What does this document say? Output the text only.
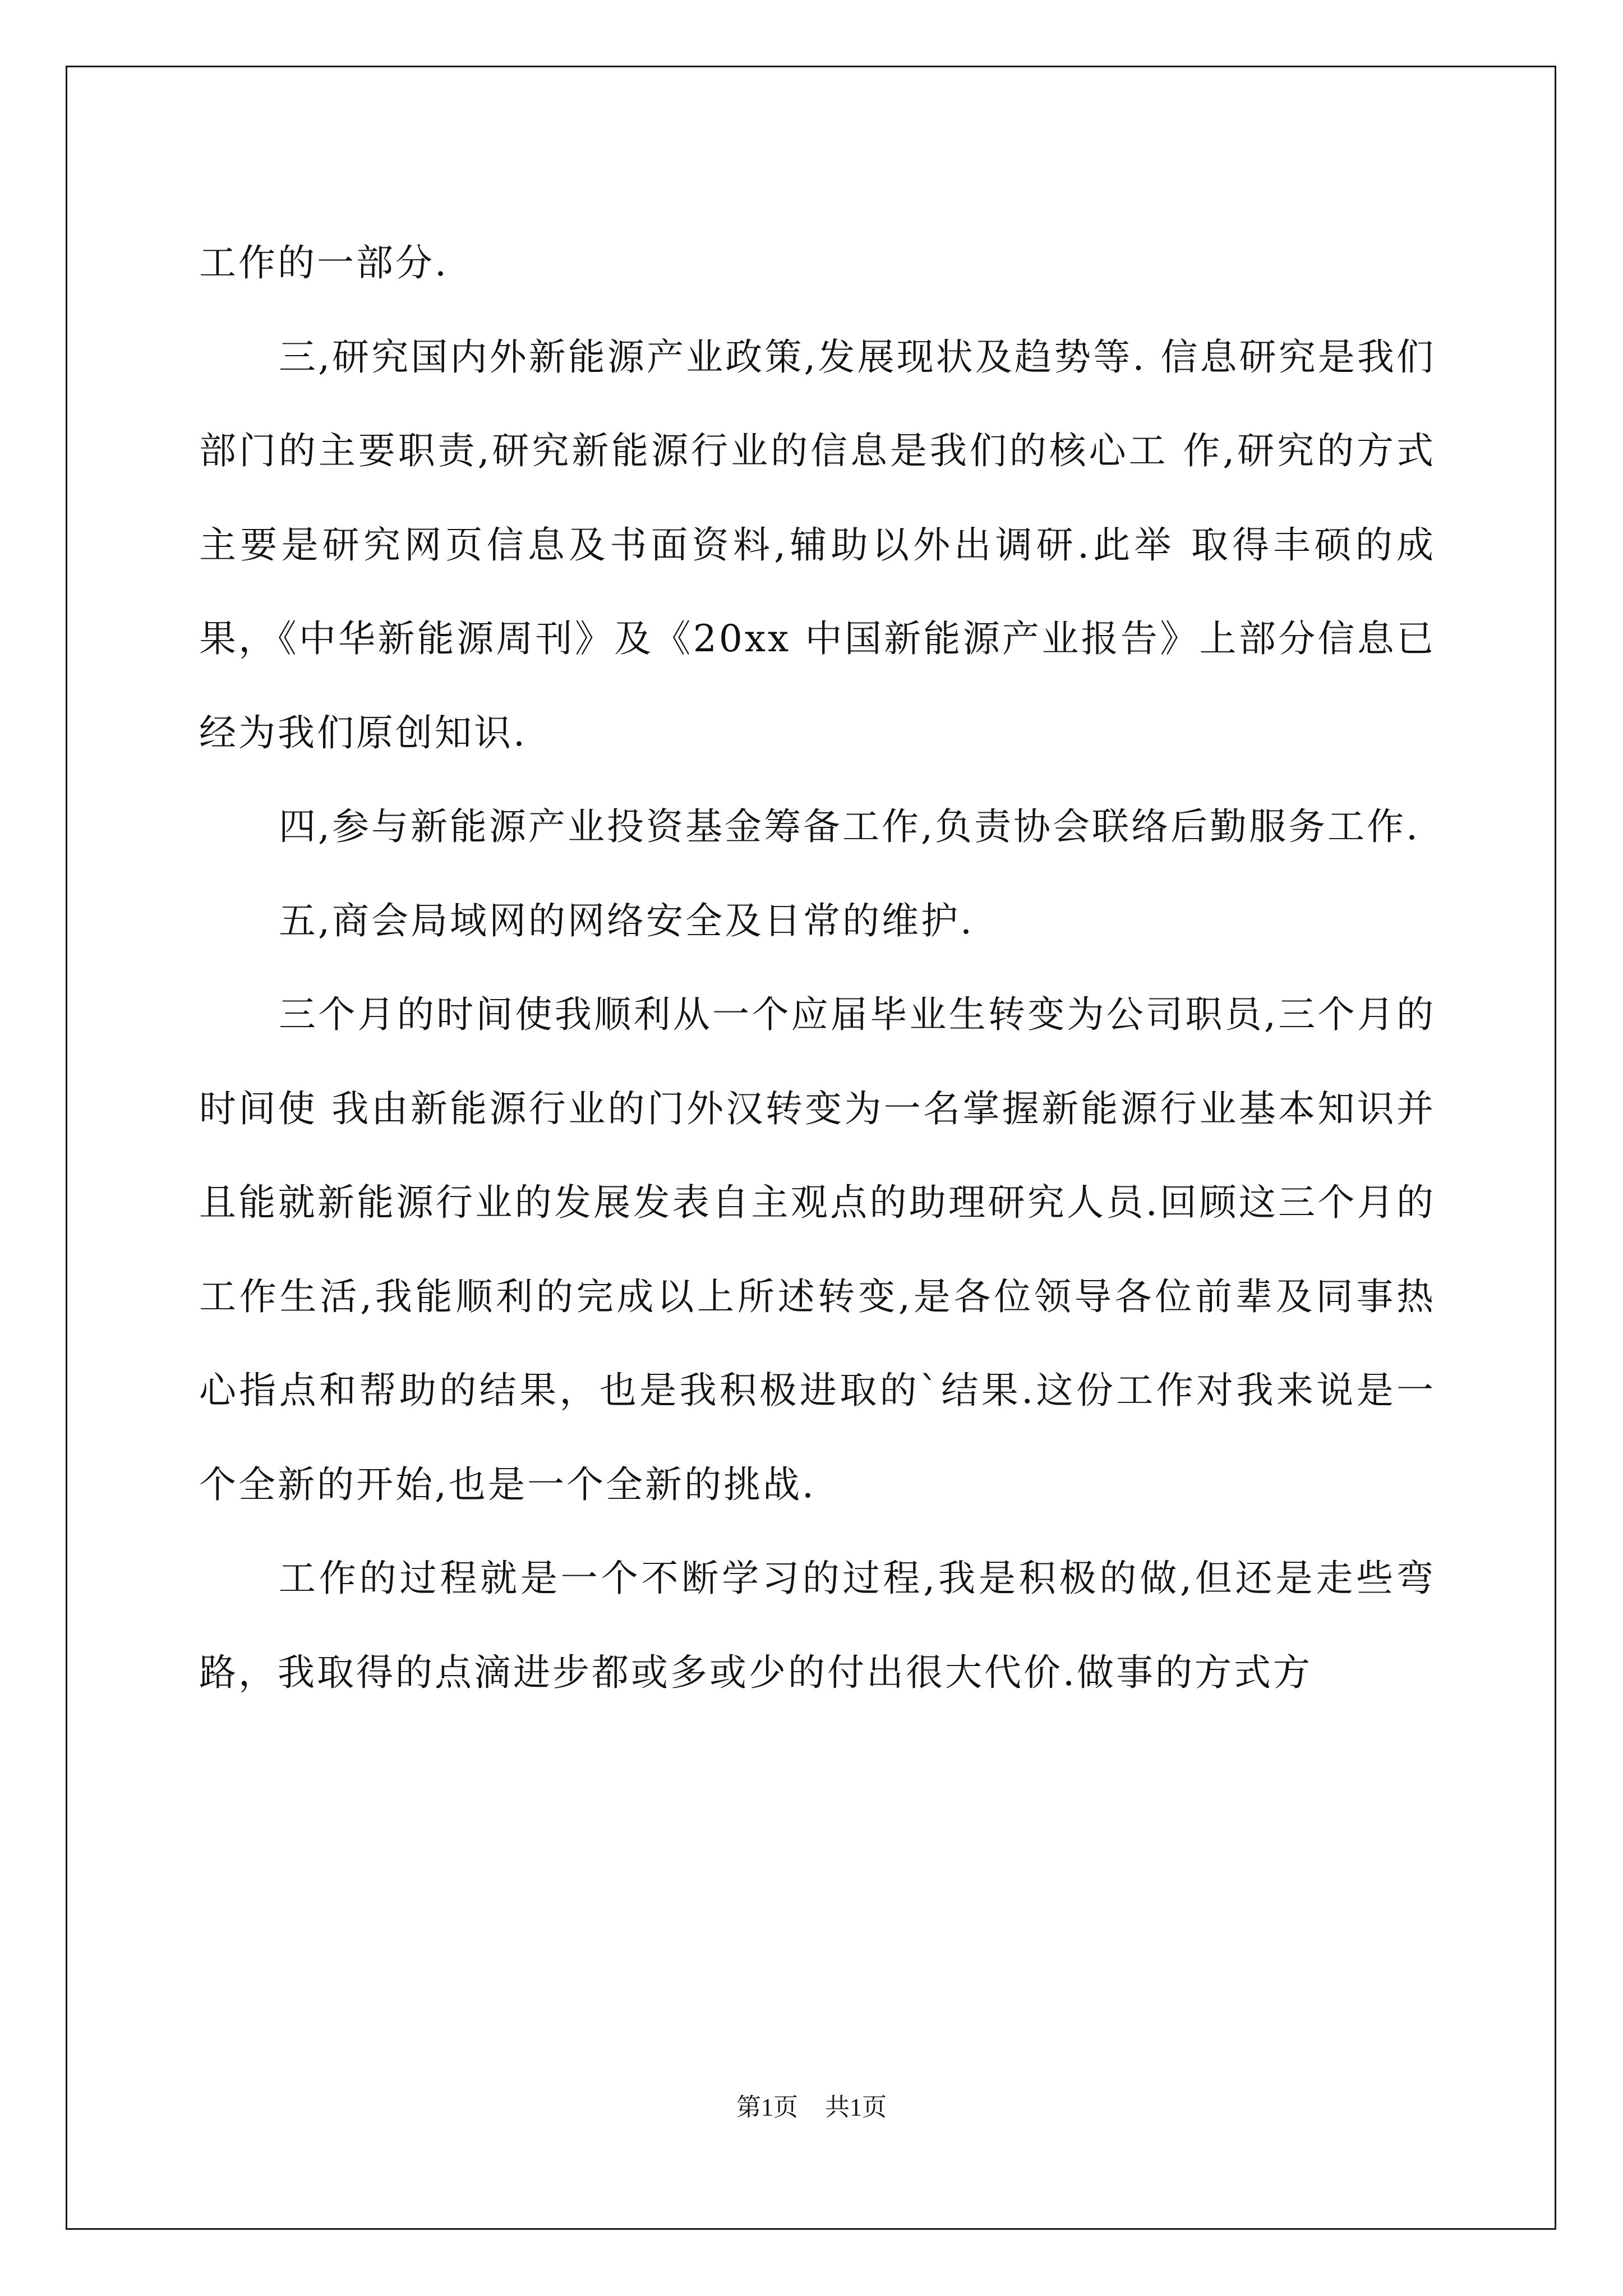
工作的一部分.

三,研究国内外新能源产业政策,发展现状及趋势等. 信息研究是我们部门的主要职责,研究新能源行业的信息是我们的核心工 作,研究的方式主要是研究网页信息及书面资料,辅助以外出调研.此举 取得丰硕的成果，《中华新能源周刊》及《20xx 中国新能源产业报告》上部分信息已经为我们原创知识.

四,参与新能源产业投资基金筹备工作,负责协会联络后勤服务工作.

五,商会局域网的网络安全及日常的维护.

三个月的时间使我顺利从一个应届毕业生转变为公司职员,三个月的时间使 我由新能源行业的门外汉转变为一名掌握新能源行业基本知识并且能就新能源行业的发展发表自主观点的助理研究人员.回顾这三个月的工作生活,我能顺利的完成以上所述转变,是各位领导各位前辈及同事热心指点和帮助的结果，也是我积极进取的`结果.这份工作对我来说是一个全新的开始,也是一个全新的挑战.

工作的过程就是一个不断学习的过程,我是积极的做,但还是走些弯路，我取得的点滴进步都或多或少的付出很大代价.做事的方式方

第1页 共1页
